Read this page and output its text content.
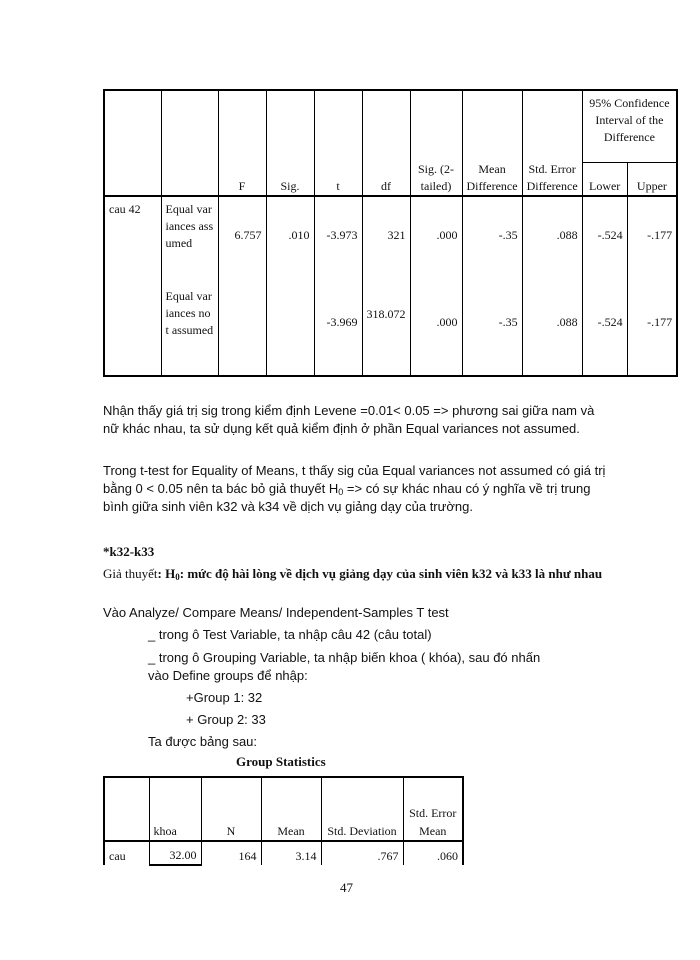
		F	Sig.	t	df	Sig. (2-tailed)	Mean Difference	Std. Error Difference	95% Confidence Interval of the Difference	
									Lower	Upper
cau 42	Equal variances assumed	6.757	.010	-3.973	321	.000	-.35	.088	-.524	-.177
	Equal variances not assumed			-3.969	318.072	.000	-.35	.088	-.524	-.177
Nhận thấy giá trị sig trong kiểm định Levene =0.01< 0.05 => phương sai giữa nam và nữ khác nhau, ta sử dụng kết quả kiểm định ở phần Equal variances not assumed.
Trong t-test for Equality of Means, t thấy sig của Equal variances not assumed có giá trị bằng 0 < 0.05 nên ta bác bỏ giả thuyết $H_0$ => có sự khác nhau có ý nghĩa về trị trung bình giữa sinh viên k32 và k34 về dịch vụ giảng dạy của trường.
*k32-k33
Giả thuyết: $H_0$: mức độ hài lòng về dịch vụ giảng dạy của sinh viên k32 và k33 là như nhau
Vào Analyze/ Compare Means/ Independent-Samples T test
_ trong ô Test Variable, ta nhập câu 42 (câu total)
_ trong ô Grouping Variable, ta nhập biến khoa ( khóa), sau đó nhấn vào Define groups để nhập:
+Group 1: 32
+ Group 2: 33
Ta được bảng sau:
Group Statistics
	khoa	N	Mean	Std. Deviation	Std. Error Mean
cau	32.00	164	3.14	.767	.060
47
